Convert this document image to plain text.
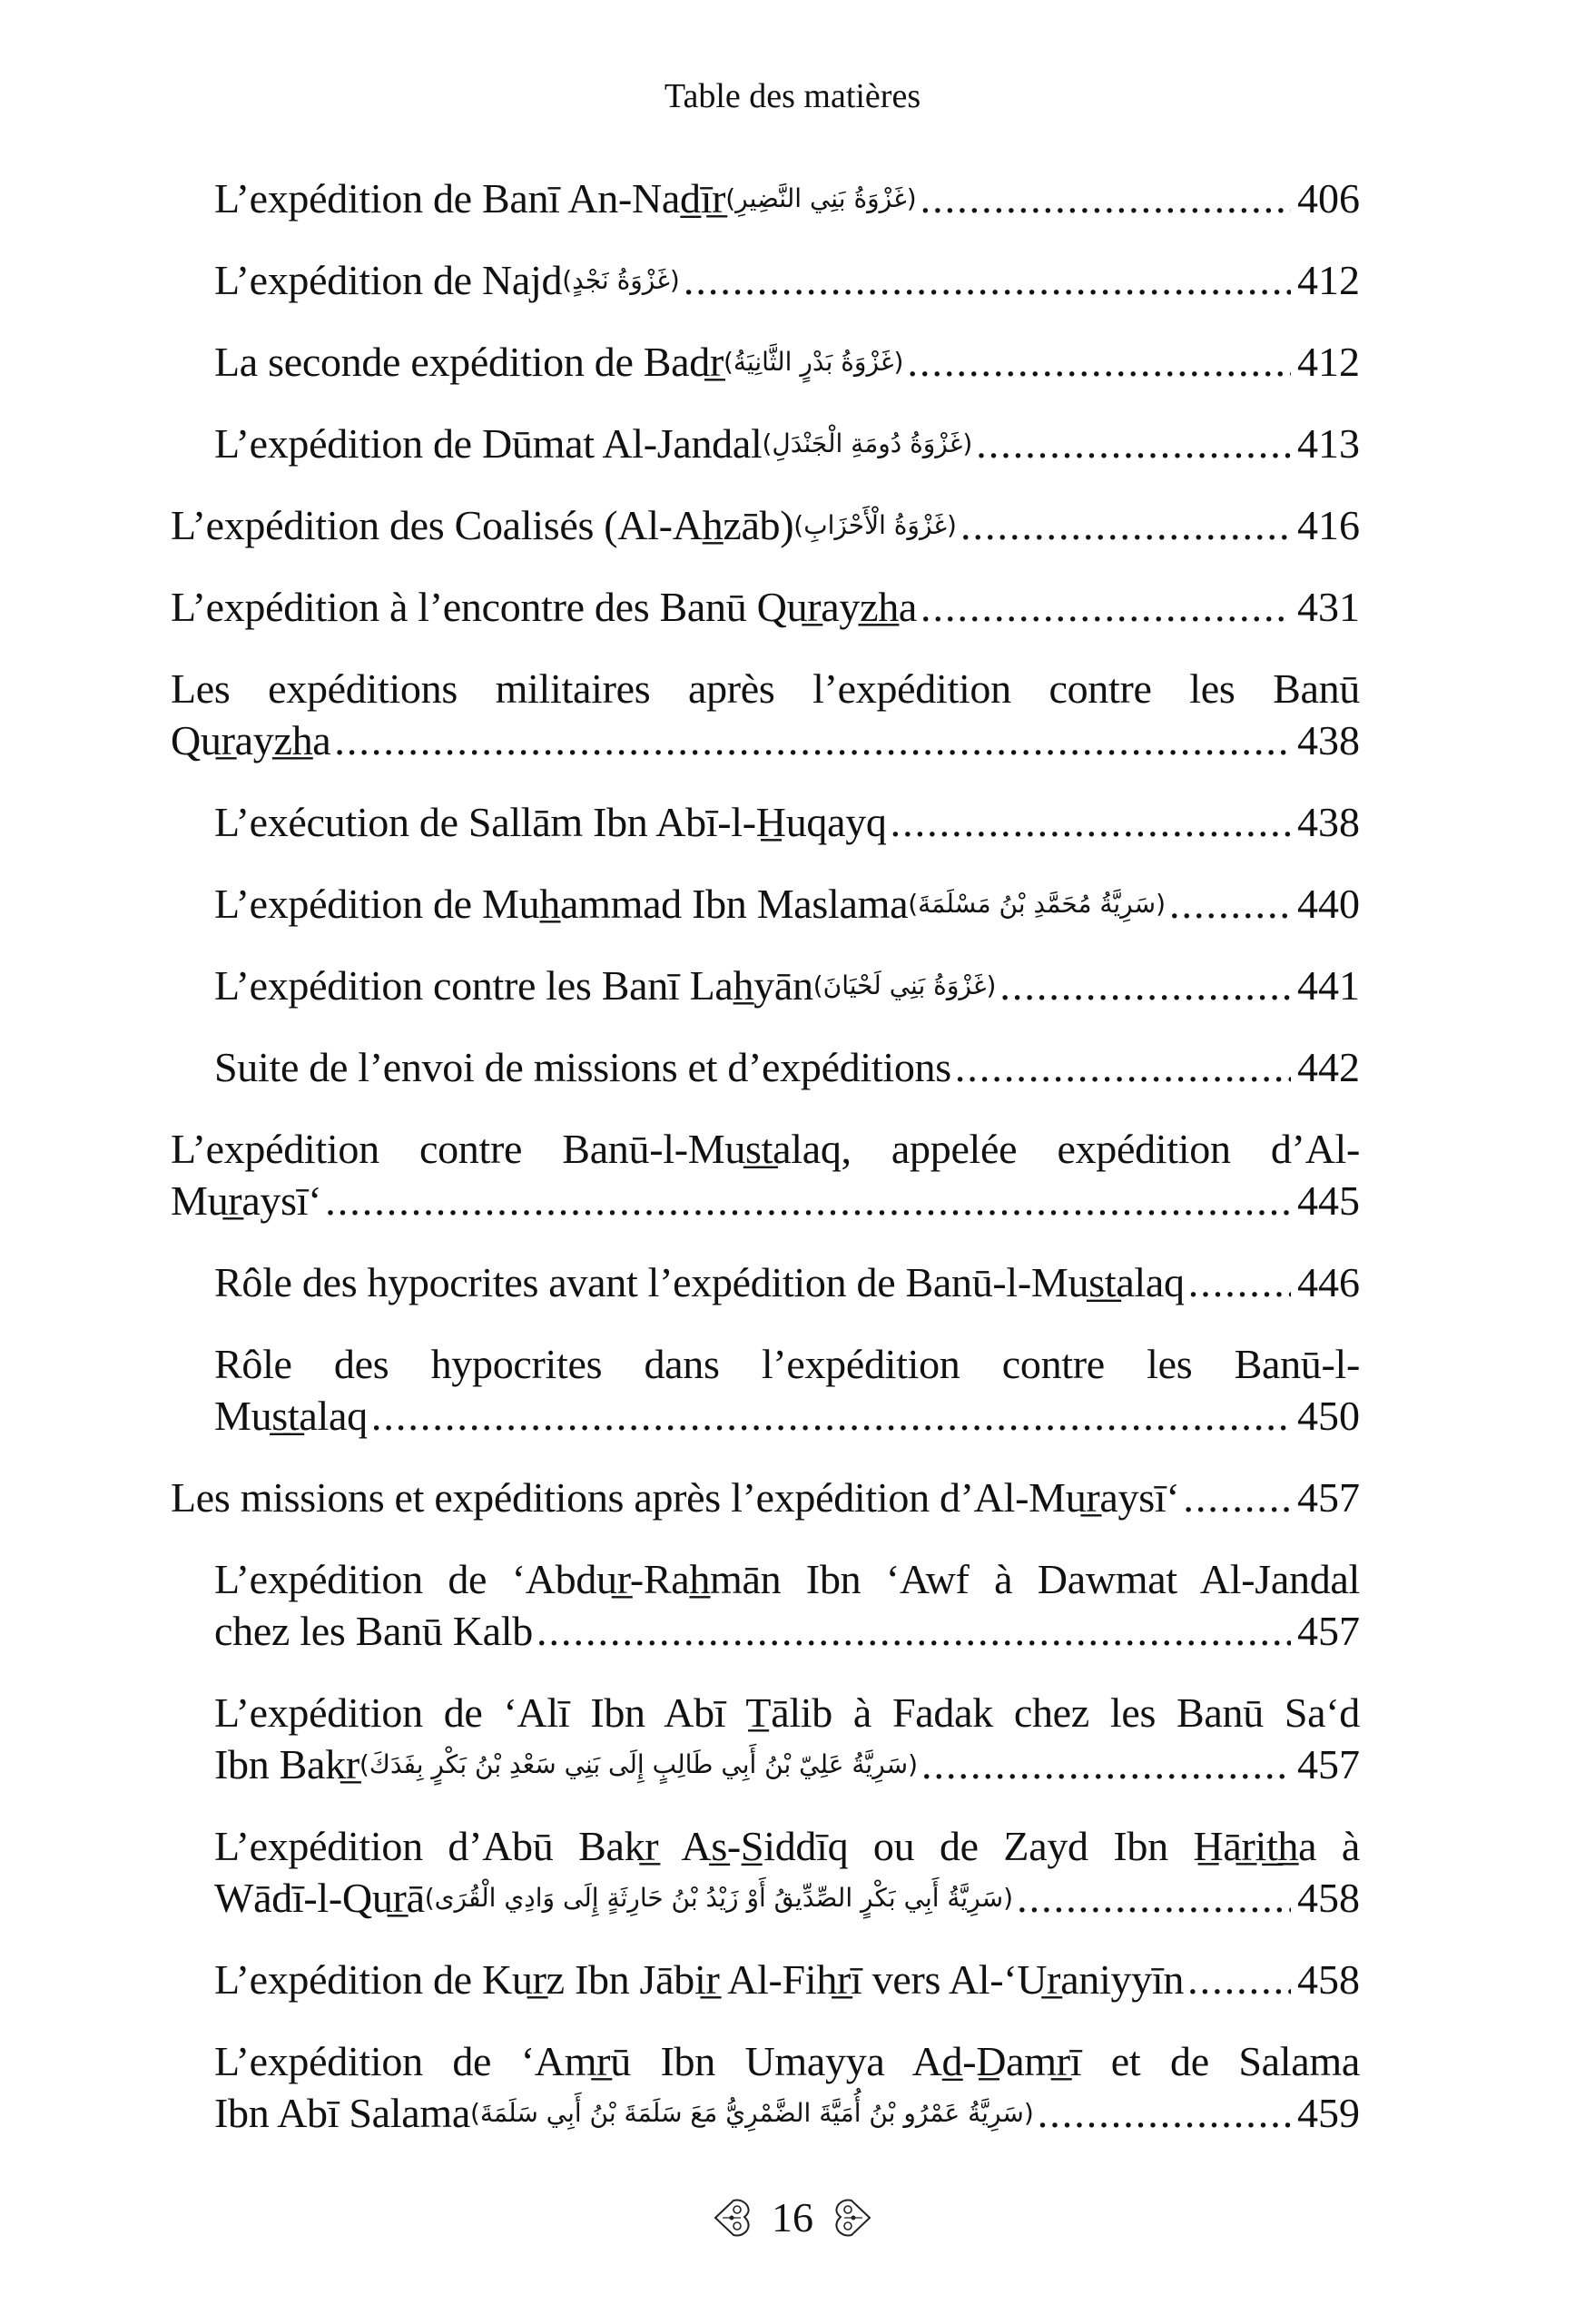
Table des matières
L’expédition de Banī An-Nad̲īr̲ (غَزْوَةُ بَنِي النَّضِيرِ) .....	406
L’expédition de Najd (غَزْوَةُ نَجْدٍ) .....	412
La seconde expédition de Badr̲ (غَزْوَةُ بَدْرٍ الثَّانِيَةُ) .....	412
L’expédition de Dūmat Al-Jandal (غَزْوَةُ دُومَةِ الْجَنْدَلِ) .....	413
L’expédition des Coalisés (Al-Ah̲zāb) (غَزْوَةُ الْأَحْزَابِ) .....	416
L’expédition à l’encontre des Banū Qur̲ayz̲h̲a .....	431
Les expéditions militaires après l’expédition contre les Banū
Qur̲ayz̲h̲a .....	438
L’exécution de Sallām Ibn Abī-l-H̲uqayq .....	438
L’expédition de Muh̲ammad Ibn Maslama (سَرِيَّةُ مُحَمَّدِ بْنُ مَسْلَمَةَ) .....	440
L’expédition contre les Banī Lah̲yān (غَزْوَةُ بَنِي لَحْيَانَ) .....	441
Suite de l’envoi de missions et d’expéditions .....	442
L’expédition contre Banū-l-Mus̲t̲alaq, appelée expédition d’Al-
Mur̲aysī‘ .....	445
Rôle des hypocrites avant l’expédition de Banū-l-Mus̲t̲alaq .....	446
Rôle des hypocrites dans l’expédition contre les Banū-l-
Mus̲t̲alaq .....	450
Les missions et expéditions après l’expédition d’Al-Mur̲aysī‘ .....	457
L’expédition de ‘Abdur̲-Rah̲mān Ibn ‘Awf à Dawmat Al-Jandal
chez les Banū Kalb .....	457
L’expédition de ‘Alī Ibn Abī T̲ālib à Fadak chez les Banū Sa‘d
Ibn Bakr̲ (سَرِيَّةُ عَلِيّ بْنُ أَبِي طَالِبٍ إِلَى بَنِي سَعْدِ بْنُ بَكْرٍ بِفَدَكَ) .....	457
L’expédition d’Abū Bakr̲ As̲-S̲iddīq ou de Zayd Ibn H̲ār̲it̲h̲a à
Wādī-l-Qur̲ā (سَرِيَّةُ أَبِي بَكْرٍ الصِّدِّيقُ أَوْ زَيْدُ بْنُ حَارِثَةٍ إِلَى وَادِي الْقُرَى) .....	458
L’expédition de Kur̲z Ibn Jābir̲ Al-Fihr̲ī vers Al-‘Ur̲aniyyīn .....	458
L’expédition de ‘Amr̲ū Ibn Umayya Ad̲-D̲amr̲ī et de Salama
Ibn Abī Salama (سَرِيَّةُ عَمْرُو بْنُ أُمَيَّةَ الضَّمْرِيُّ مَعَ سَلَمَةَ بْنُ أَبِي سَلَمَةَ) .....	459
16
